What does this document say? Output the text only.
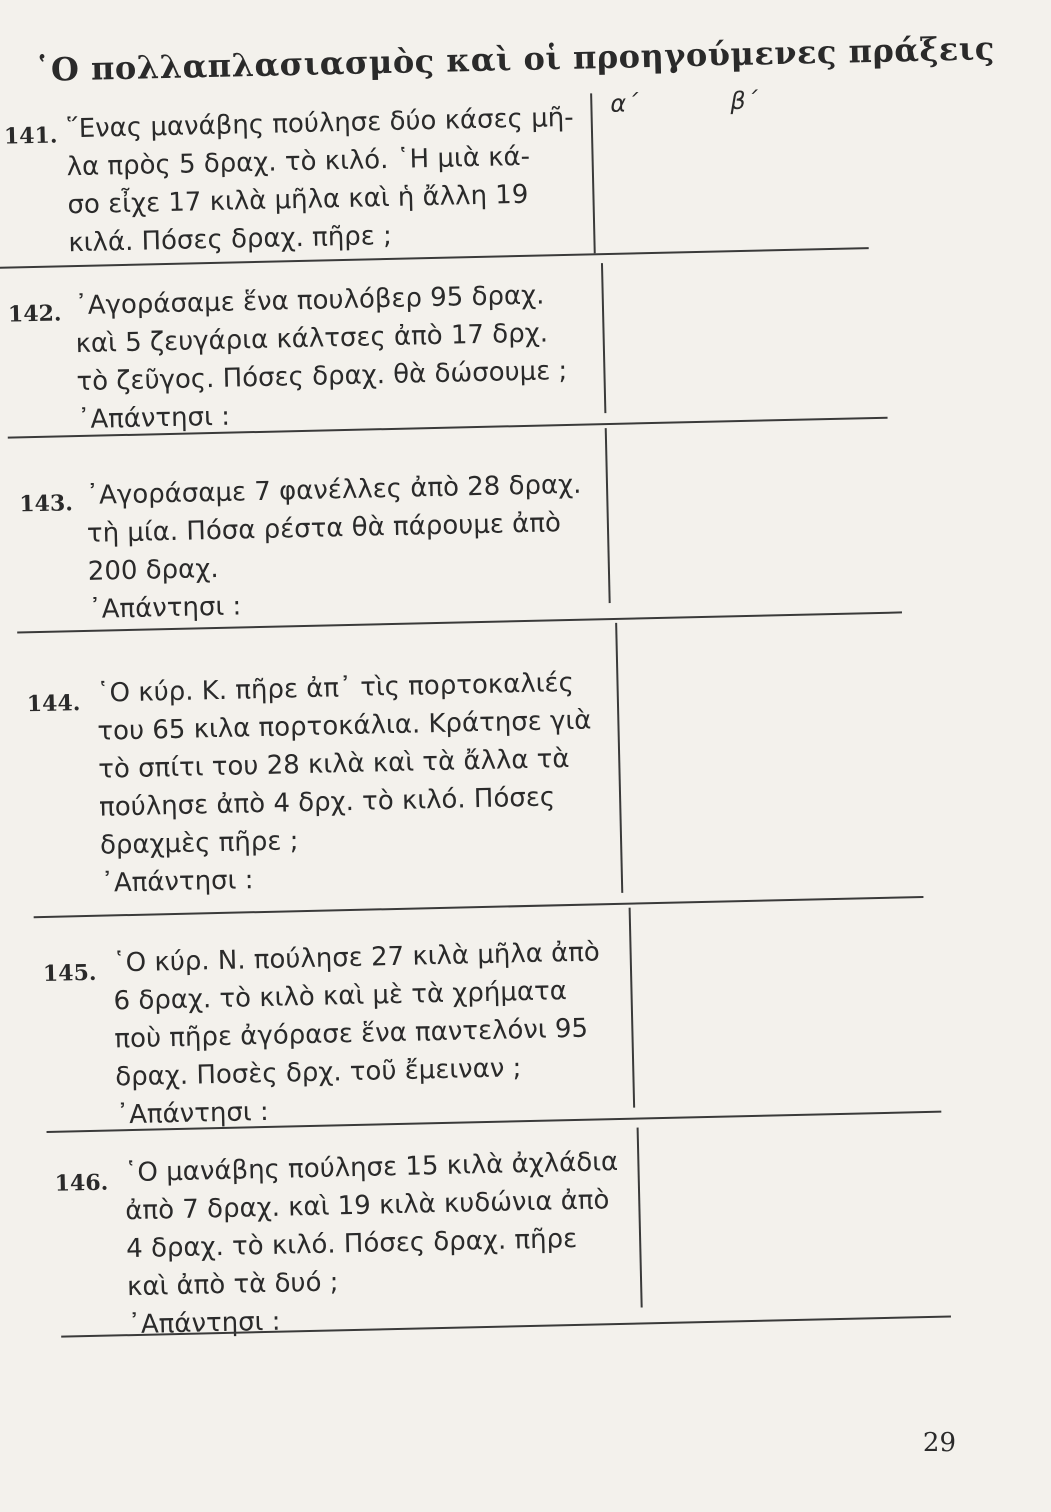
῾Ο πολλαπλασιασμὸς καὶ οἱ προηγούμενες πράξεις
α΄	β΄
141. ῞Ενας μανάβης πούλησε δύο κάσες μῆ-
λα πρὸς 5 δραχ. τὸ κιλό. ῾Η μιὰ κά-
σο εἶχε 17 κιλὰ μῆλα καὶ ἡ ἄλλη 19
κιλά. Πόσες δραχ. πῆρε ;
142. ᾿Αγοράσαμε ἕνα πουλόβερ 95 δραχ.
καὶ 5 ζευγάρια κάλτσες ἀπὸ 17 δρχ.
τὸ ζεῦγος. Πόσες δραχ. θὰ δώσουμε ;
᾿Απάντησι :
143. ᾿Αγοράσαμε 7 φανέλλες ἀπὸ 28 δραχ.
τὴ μία. Πόσα ρέστα θὰ πάρουμε ἀπὸ
200 δραχ.
᾿Απάντησι :
144. ῾Ο κύρ. Κ. πῆρε ἀπ᾿ τὶς πορτοκαλιές
του 65 κιλα πορτοκάλια. Κράτησε γιὰ
τὸ σπίτι του 28 κιλὰ καὶ τὰ ἄλλα τὰ
πούλησε ἀπὸ 4 δρχ. τὸ κιλό. Πόσες
δραχμὲς πῆρε ;
᾿Απάντησι :
145. ῾Ο κύρ. Ν. πούλησε 27 κιλὰ μῆλα ἀπὸ
6 δραχ. τὸ κιλὸ καὶ μὲ τὰ χρήματα
ποὺ πῆρε ἀγόρασε ἕνα παντελόνι 95
δραχ. Ποσὲς δρχ. τοῦ ἔμειναν ;
᾿Απάντησι :
146. ῾Ο μανάβης πούλησε 15 κιλὰ ἀχλάδια
ἀπὸ 7 δραχ. καὶ 19 κιλὰ κυδώνια ἀπὸ
4 δραχ. τὸ κιλό. Πόσες δραχ. πῆρε
καὶ ἀπὸ τὰ δυό ;
᾿Απάντησι :
29
